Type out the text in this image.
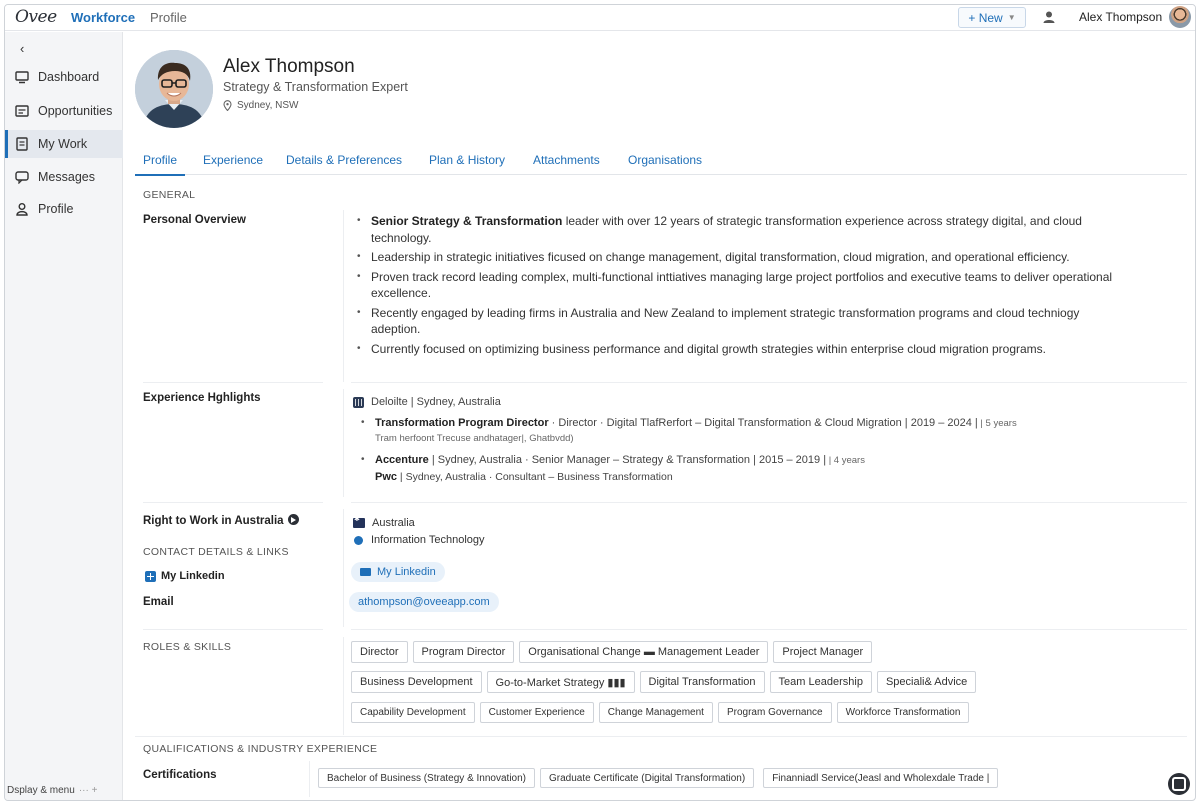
Ovee Workforce Profile	+ New ▼	Alex Thompson
‹
Dashboard
Opportunities
My Work
Messages
Profile
Dsplay & menu ··· +
Alex Thompson
Strategy & Transformation Expert
Sydney, NSW
Profile	Experience	Details & Preferences	Plan & History	Attachments	Organisations
GENERAL
Personal Overview	• Senior Strategy & Transformation leader with over 12 years of strategic transformation experience across strategy digital, and cloud technology.
• Leadership in strategic initiatives ficused on change management, digital transformation, cloud migration, and operational efficiency.
• Proven track record leading complex, multi-functional inttiatives managing large project portfolios and executive teams to deliver operational excellence.
• Recently engaged by leading firms in Australia and New Zealand to implement strategic transformation programs and cloud techniogy adeption.
• Currently focused on optimizing business performance and digital growth strategies within enterprise cloud migration programs.
Experience Hghlights	Deloilte | Sydney, Australia
• Transformation Program Director · Director · Digital TlafRerfort – Digital Transformation & Cloud Migration | 2019 – 2024 | | 5 years
Tram herfoont Trecuse andhatager|, Ghatbvdd)
• Accenture | Sydney, Australia · Senior Manager – Strategy & Transformation | 2015 – 2019 | | 4 years
Pwc | Sydney, Australia · Consultant – Business Transformation
Right to Work in Australia ✱	Australia
Information Technology
CONTACT DETAILS & LINKS
My Linkedin	My Linkedin
Email	athompson@oveeapp.com
ROLES & SKILLS	Director	Program Director	Organisational Change ▬ Management Leader	Project Manager
Business Development	Go-to-Market Strategy ▮▮▮	Digital Transformation	Team Leadership	Speciali& Advice
Capability Development	Customer Experience	Change Management	Program Governance	Workforce Transformation
QUALIFICATIONS & INDUSTRY EXPERIENCE
Certifications	Bachelor of Business (Strategy & Innovation)	Graduate Certificate (Digital Transformation)	Finanniadl Service(Jeasl and Wholexdale Trade |
